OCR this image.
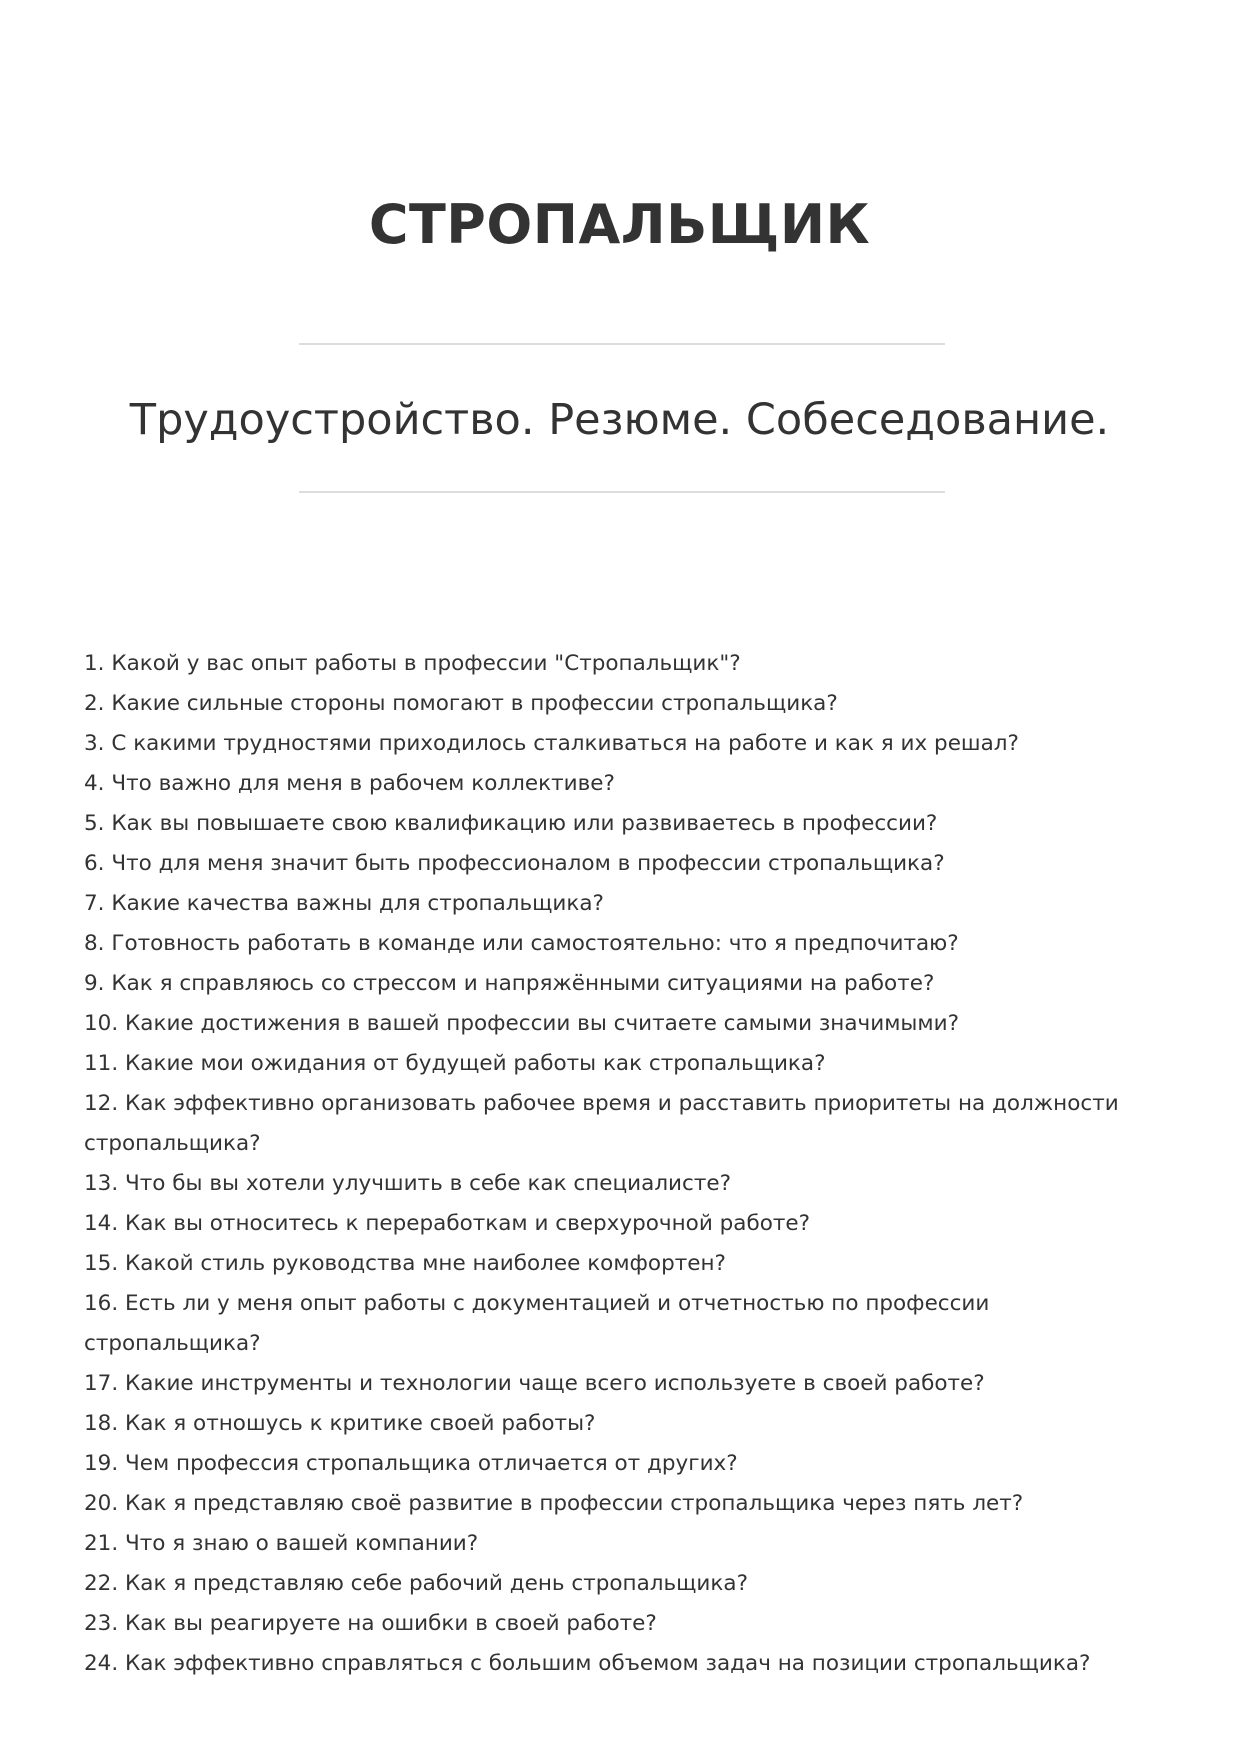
СТРОПАЛЬЩИК
Трудоустройство. Резюме. Собеседование.
1. Какой у вас опыт работы в профессии "Стропальщик"?
2. Какие сильные стороны помогают в профессии стропальщика?
3. С какими трудностями приходилось сталкиваться на работе и как я их решал?
4. Что важно для меня в рабочем коллективе?
5. Как вы повышаете свою квалификацию или развиваетесь в профессии?
6. Что для меня значит быть профессионалом в профессии стропальщика?
7. Какие качества важны для стропальщика?
8. Готовность работать в команде или самостоятельно: что я предпочитаю?
9. Как я справляюсь со стрессом и напряжёнными ситуациями на работе?
10. Какие достижения в вашей профессии вы считаете самыми значимыми?
11. Какие мои ожидания от будущей работы как стропальщика?
12. Как эффективно организовать рабочее время и расставить приоритеты на должности стропальщика?
13. Что бы вы хотели улучшить в себе как специалисте?
14. Как вы относитесь к переработкам и сверхурочной работе?
15. Какой стиль руководства мне наиболее комфортен?
16. Есть ли у меня опыт работы с документацией и отчетностью по профессии стропальщика?
17. Какие инструменты и технологии чаще всего используете в своей работе?
18. Как я отношусь к критике своей работы?
19. Чем профессия стропальщика отличается от других?
20. Как я представляю своё развитие в профессии стропальщика через пять лет?
21. Что я знаю о вашей компании?
22. Как я представляю себе рабочий день стропальщика?
23. Как вы реагируете на ошибки в своей работе?
24. Как эффективно справляться с большим объемом задач на позиции стропальщика?
